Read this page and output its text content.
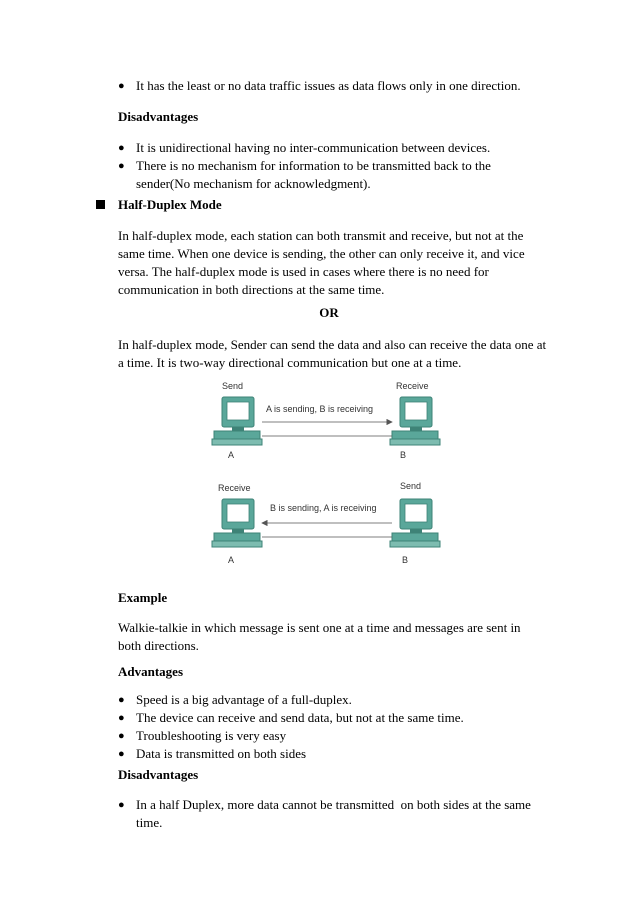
● It has the least or no data traffic issues as data flows only in one direction.
Disadvantages
● It is unidirectional having no inter-communication between devices.
● There is no mechanism for information to be transmitted back to the sender(No mechanism for acknowledgment).
Half-Duplex Mode
In half-duplex mode, each station can both transmit and receive, but not at the same time. When one device is sending, the other can only receive it, and vice versa. The half-duplex mode is used in cases where there is no need for communication in both directions at the same time.
OR
In half-duplex mode, Sender can send the data and also can receive the data one at a time. It is two-way directional communication but one at a time.
Send	Receive
A is sending, B is receiving
A	B
Receive	Send
B is sending, A is receiving
A	B
Example
Walkie-talkie in which message is sent one at a time and messages are sent in both directions.
Advantages
● Speed is a big advantage of a full-duplex.
● The device can receive and send data, but not at the same time.
● Troubleshooting is very easy
● Data is transmitted on both sides
Disadvantages
● In a half Duplex, more data cannot be transmitted  on both sides at the same time.
